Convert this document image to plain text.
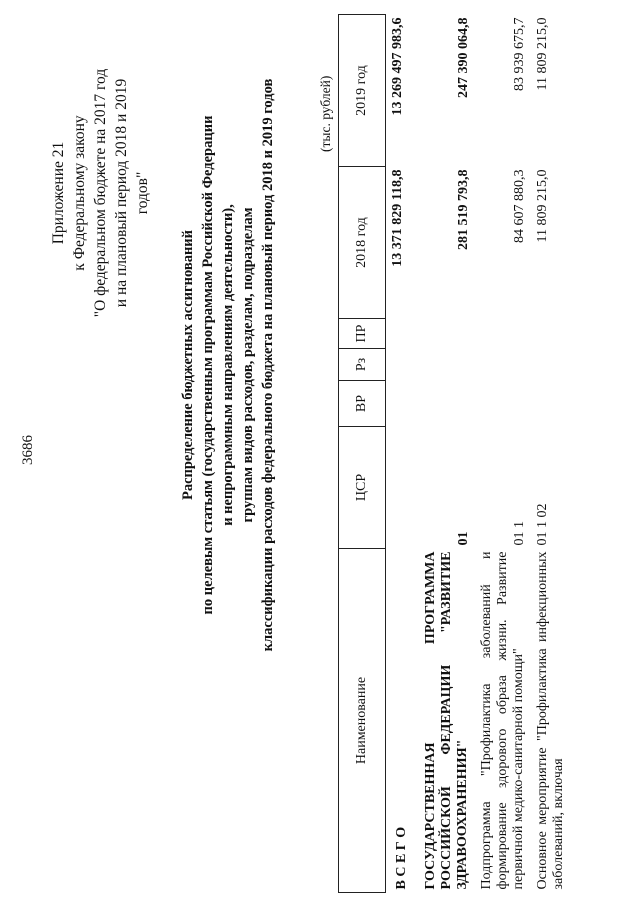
3686
Приложение 21 к Федеральному закону "О федеральном бюджете на 2017 год и на плановый период 2018 и 2019 годов"
Распределение бюджетных ассигнований по целевым статьям (государственным программам Российской Федерации и непрограммным направлениям деятельности), группам видов расходов, разделам, подразделам классификации расходов федерального бюджета на плановый период 2018 и 2019 годов	(тыс. рублей)
Наименование	ЦСР	ВР	Рз	ПР	2018 год	2019 год
В С Е Г О					13 371 829 118,8	13 269 497 983,6
ГОСУДАРСТВЕННАЯ ПРОГРАММА РОССИЙСКОЙ ФЕДЕРАЦИИ "РАЗВИТИЕ ЗДРАВООХРАНЕНИЯ"	01				281 519 793,8	247 390 064,8
Подпрограмма "Профилактика заболеваний и формирование здорового образа жизни. Развитие первичной медико-санитарной помощи"	01 1				84 607 880,3	83 939 675,7
Основное мероприятие "Профилактика инфекционных заболеваний, включая	01 1 02				11 809 215,0	11 809 215,0
